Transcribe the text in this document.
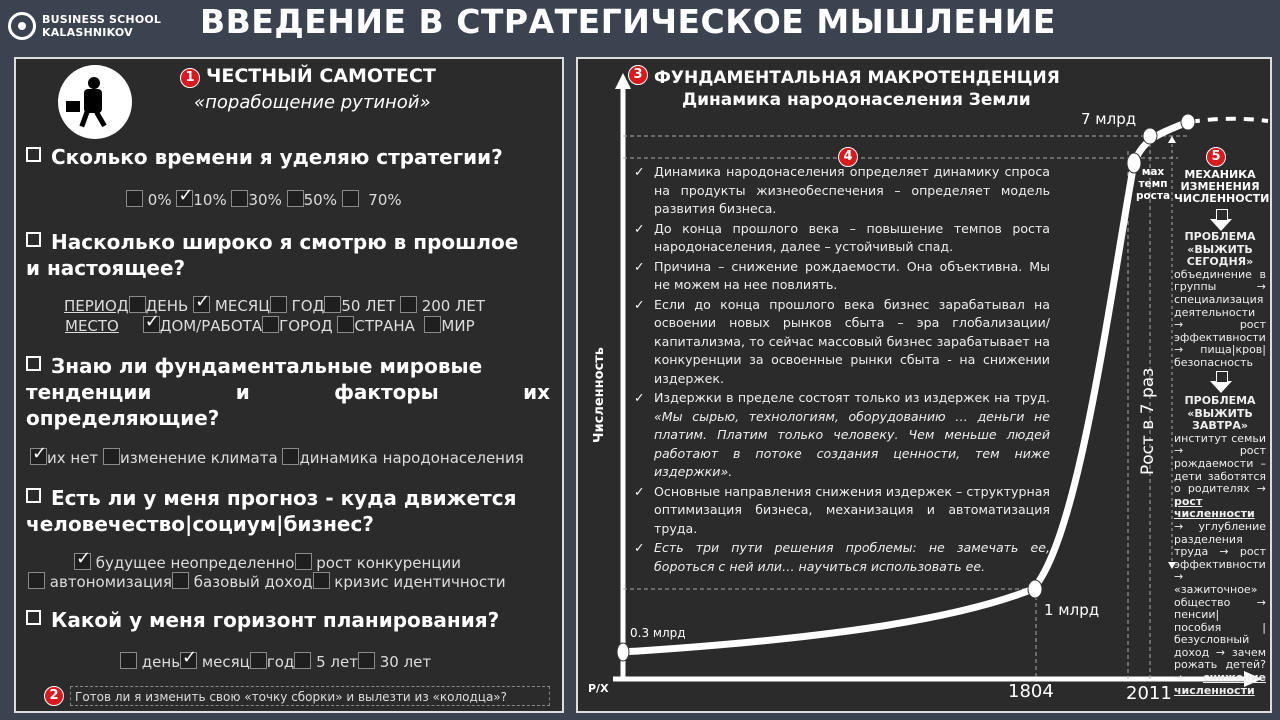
BUSINESS SCHOOL
KALASHNIKOV	ВВЕДЕНИЕ В СТРАТЕГИЧЕСКОЕ МЫШЛЕНИЕ
1 ЧЕСТНЫЙ САМОТЕСТ
«порабощение рутиной»
Сколько времени я уделяю стратегии?
0% ✓ 10% 30% 50% 70%
Насколько широко я смотрю в прошлое
и настоящее?
ПЕРИОД ДЕНЬ ✓ МЕСЯЦ ГОД 50 ЛЕТ 200 ЛЕТ
МЕСТО ✓	ДОМ/РАБОТА ГОРОД СТРАНА МИР
Знаю ли фундаментальные мировые
тенденции	и	факторы	их
определяющие?
✓их нет изменение климата динамика народонаселения
Есть ли у меня прогноз - куда движется
человечество|социум|бизнес?
✓ будущее неопределенно рост конкуренции
автономизация базовый доход кризис идентичности
Какой у меня горизонт планирования?
день ✓ месяц год 5 лет 30 лет
2	Готов ли я изменить свою «точку сборки» и вылезти из «колодца»?
3 ФУНДАМЕНТАЛЬНАЯ МАКРОТЕНДЕНЦИЯ
Динамика народонаселения Земли
4	5

✓ Динамика народонаселения определяет динамику спроса на продукты жизнеобеспечения – определяет модель развития бизнеса.

✓ До конца прошлого века – повышение темпов роста народонаселения, далее – устойчивый спад.

✓ Причина – снижение рождаемости. Она объективна. Мы не можем на нее повлиять.

✓ Если до конца прошлого века бизнес зарабатывал на освоении новых рынков сбыта – эра глобализации/капитализма, то сейчас массовый бизнес зарабатывает на конкуренции за освоенные рынки сбыта - на снижении издержек.

✓ Издержки в пределе состоят только из издержек на труд. «Мы сырью, технологиям, оборудованию … деньги не платим. Платим только человеку. Чем меньше людей работают в потоке создания ценности, тем ниже издержки».

✓ Основные направления снижения издержек – структурная оптимизация бизнеса, механизация и автоматизация труда.

✓ Есть три пути решения проблемы: не замечать ее, бороться с ней или… научиться использовать ее.

мах темп роста
МЕХАНИКА ИЗМЕНЕНИЯ ЧИСЛЕННОСТИ
ПРОБЛЕМА «ВЫЖИТЬ СЕГОДНЯ»
объединение в группы → специализация деятельности → рост эффективности → пища|кров| безопасность
ПРОБЛЕМА «ВЫЖИТЬ ЗАВТРА»
институт семьи → рост рождаемости – дети заботятся о родителях → рост численности → углубление разделения труда → рост эффективности → «зажиточное» общество → пенсии|пособия |безусловный доход → зачем рожать детей? → снижение численности
Рост в 7 раз
Численность
Р/Х
0.3 млрд
1 млрд
7 млрд
1804	2011
